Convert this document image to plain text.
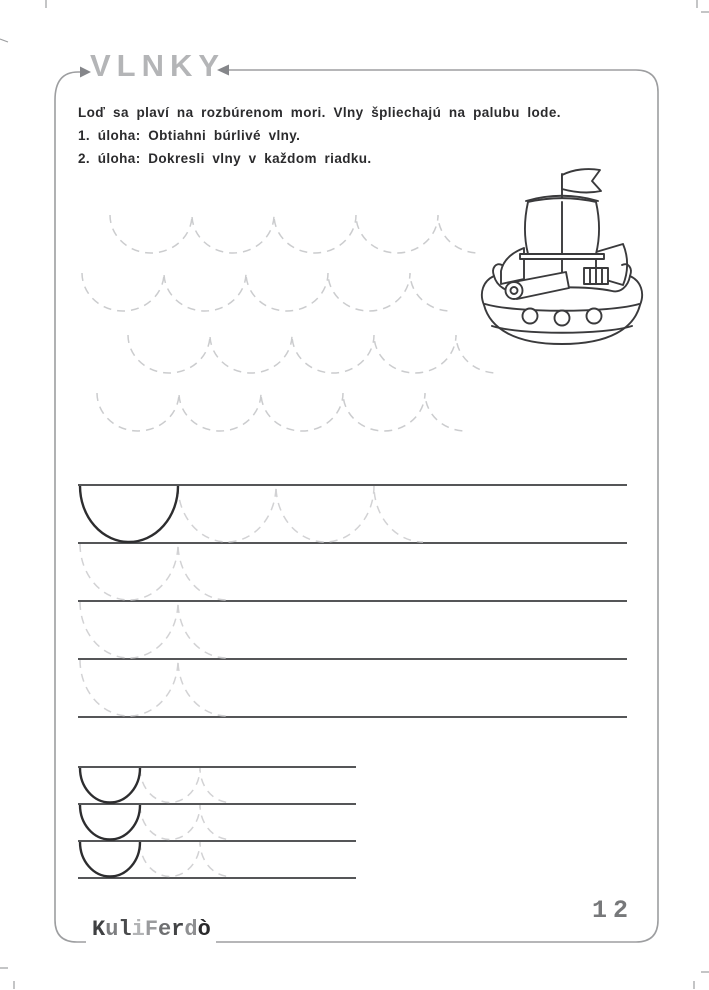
VLNKY

Loď sa plaví na rozbúrenom mori. Vlny špliechajú na palubu lode.

1. úloha: Obtiahni búrlivé vlny.

2. úloha: Dokresli vlny v každom riadku.

KuliFerdò
12
